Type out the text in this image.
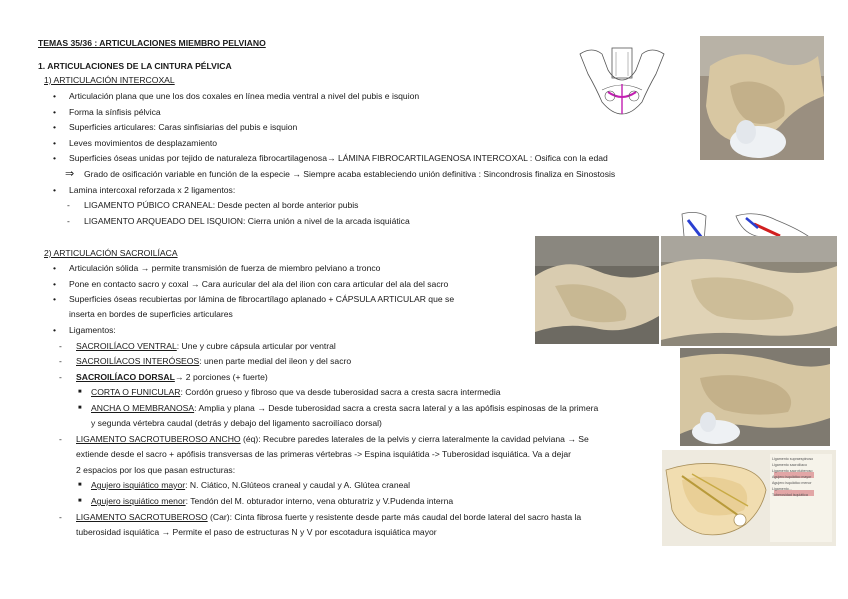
TEMAS 35/36 : ARTICULACIONES MIEMBRO PELVIANO
1. ARTICULACIONES DE LA CINTURA PÉLVICA
1) ARTICULACIÓN INTERCOXAL
• Articulación plana que une los dos coxales en línea media ventral a nivel del pubis e isquion
• Forma la sínfisis pélvica
• Superficies articulares: Caras sinfisiarias del pubis e isquion
• Leves movimientos de desplazamiento
• Superficies óseas unidas por tejido de naturaleza fibrocartilagenosa→ LÁMINA FIBROCARTILAGENOSA INTERCOXAL : Osifica con la edad
⇒ Grado de osificación variable en función de la especie → Siempre acaba estableciendo unión definitiva : Sincondrosis finaliza en Sinostosis
• Lamina intercoxal reforzada x 2 ligamentos:
- LIGAMENTO PÚBICO CRANEAL: Desde pecten al borde anterior pubis
- LIGAMENTO ARQUEADO DEL ISQUION: Cierra unión a nivel de la arcada isquiática
2) ARTICULACIÓN SACROILÍACA
• Articulación sólida → permite transmisión de fuerza de miembro pelviano a tronco
• Pone en contacto sacro y coxal → Cara auricular del ala del ilion con cara articular del ala del sacro
• Superficies óseas recubiertas por lámina de fibrocartílago aplanado + CÁPSULA ARTICULAR que se
inserta en bordes de superficies articulares
• Ligamentos:
- SACROILÍACO VENTRAL: Une y cubre cápsula articular por ventral
- SACROILÍACOS INTERÓSEOS: unen parte medial del ileon y del sacro
- SACROILÍACO DORSAL→ 2 porciones (+ fuerte)
■ CORTA O FUNICULAR: Cordón grueso y fibroso que va desde tuberosidad sacra a cresta sacra intermedia
■ ANCHA O MEMBRANOSA: Amplia y plana → Desde tuberosidad sacra a cresta sacra lateral y a las apófisis espinosas de la primera
y segunda vértebra caudal (detrás y debajo del ligamento sacroilíaco dorsal)
- LIGAMENTO SACROTUBEROSO ANCHO (éq): Recubre paredes laterales de la pelvis y cierra lateralmente la cavidad pelviana → Se
extiende desde el sacro + apófisis transversas de las primeras vértebras -> Espina isquiátida -> Tuberosidad isquiática. Va a dejar
2 espacios por los que pasan estructuras:
■ Agujero isquiático mayor: N. Ciático, N.Glúteos craneal y caudal y A. Glútea craneal
■ Agujero isquiático menor: Tendón del M. obturador interno, vena obturatriz y V.Pudenda interna
- LIGAMENTO SACROTUBEROSO (Car): Cinta fibrosa fuerte y resistente desde parte más caudal del borde lateral del sacro hasta la
tuberosidad isquiática → Permite el paso de estructuras N y V por escotadura isquiática mayor
Ligamento supraespinoso
Ligamento sacroilíaco
Ligamento sacrotuberoso
Agujero isquiático mayor
Agujero isquiático menor
Ligamento...
Tuberosidad isquiática
